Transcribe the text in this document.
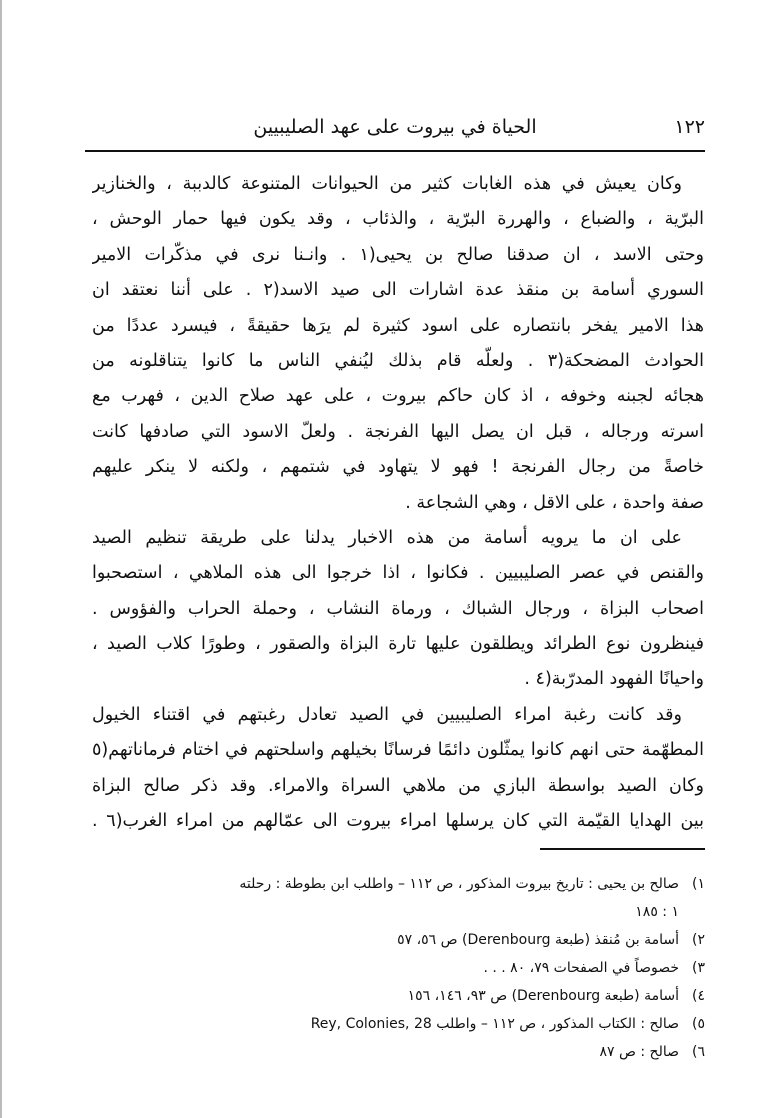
١٢٢
الحياة في بيروت على عهد الصليبيين
وكان يعيش في هذه الغابات كثير من الحيوانات المتنوعة كالدببة ، والخنازير
البرّية ، والضباع ، والهررة البرّية ، والذئاب ، وقد يكون فيها حمار الوحش ،
وحتى الاسد ، ان صدقنا صالح بن يحيى(١ . وانـنا نرى في مذكّرات الامير
السوري أسامة بن منقذ عدة اشارات الى صيد الاسد(٢ . على أننا نعتقد ان
هذا الامير يفخر بانتصاره على اسود كثيرة لم يرَها حقيقةً ، فيسرد عددًا من
الحوادث المضحكة(٣ . ولعلّه قام بذلك ليُنفي الناس ما كانوا يتناقلونه من
هجائه لجبنه وخوفه ، اذ كان حاكم بيروت ، على عهد صلاح الدين ، فهرب مع
اسرته ورجاله ، قبل ان يصل اليها الفرنجة . ولعلّ الاسود التي صادفها كانت
خاصةً من رجال الفرنجة ! فهو لا يتهاود في شتمهم ، ولكنه لا ينكر عليهم
صفة واحدة ، على الاقل ، وهي الشجاعة .
على ان ما يرويه أسامة من هذه الاخبار يدلنا على طريقة تنظيم الصيد
والقنص في عصر الصليبيين . فكانوا ، اذا خرجوا الى هذه الملاهي ، استصحبوا
اصحاب البزاة ، ورجال الشباك ، ورماة النشاب ، وحملة الحراب والفؤوس .
فينظرون نوع الطرائد ويطلقون عليها تارة البزاة والصقور ، وطورًا كلاب الصيد ،
واحيانًا الفهود المدرّبة(٤ .
وقد كانت رغبة امراء الصليبيين في الصيد تعادل رغبتهم في اقتناء الخيول
المطهّمة حتى انهم كانوا يمثّلون دائمًا فرسانًا بخيلهم واسلحتهم في اختام فرماناتهم(٥
وكان الصيد بواسطة البازي من ملاهي السراة والامراء. وقد ذكر صالح البزاة
بين الهدايا القيّمة التي كان يرسلها امراء بيروت الى عمّالهم من امراء الغرب(٦ .
١)صالح بن يحيى : تاريخ بيروت المذكور ، ص ١١٢ – واطلب ابن بطوطة : رحلته
١ : ١٨٥
٢)أسامة بن مُنقذ (طبعة Derenbourg) ص ٥٦، ٥٧
٣)خصوصاً في الصفحات ٧٩، ٨٠ . . .
٤)أسامة (طبعة Derenbourg) ص ٩٣، ١٤٦، ١٥٦
٥)صالح : الكتاب المذكور ، ص ١١٢ – واطلب Rey, Colonies, 28
٦)صالح : ص ٨٧
